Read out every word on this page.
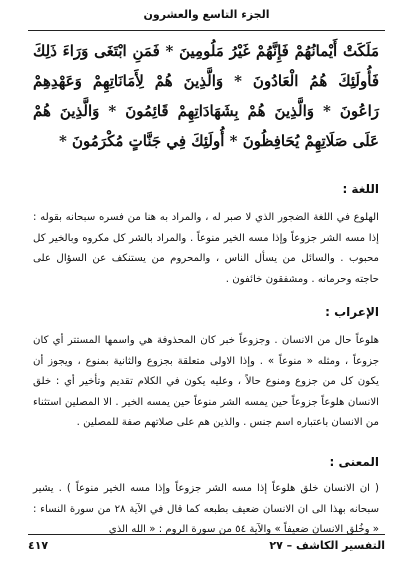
الجزء التاسع والعشرون
مَلَكَتْ أَيْمانُهُمْ فَإِنَّهُمْ غَيْرُ مَلُومِينَ * فَمَنِ ابْتَغَى وَرَاءَ ذَلِكَ فَأُولَئِكَ هُمُ الْعَادُونَ * وَالَّذِينَ هُمْ لِأَمَانَاتِهِمْ وَعَهْدِهِمْ رَاعُونَ * وَالَّذِينَ هُمْ بِشَهَادَاتِهِمْ قَائِمُونَ * وَالَّذِينَ هُمْ عَلَى صَلَاتِهِمْ يُحَافِظُونَ * أُولَئِكَ فِي جَنَّاتٍ مُكْرَمُونَ *

اللغة :

الهلوع في اللغة الضجور الذي لا صبر له ، والمراد به هنا من فسره سبحانه بقوله : إذا مسه الشر جزوعاً وإذا مسه الخير منوعاً . والمراد بالشر كل مكروه وبالخير كل محبوب . والسائل من يسأل الناس ، والمحروم من يستنكف عن السؤال على حاجته وحرمانه . ومشفقون خائفون .

الإعراب :

هلوعاً حال من الانسان . وجزوعاً خبر كان المحذوفة هي واسمها المستتر أي كان جزوعاً ، ومثله « منوعاً » . وإذا الاولى متعلقة بجزوع والثانية بمنوع ، ويجوز أن يكون كل من جزوع ومنوع حالاً ، وعليه يكون في الكلام تقديم وتأخير أي : خلق الانسان هلوعاً جزوعاً حين يمسه الشر منوعاً حين يمسه الخير . الا المصلين استثناء من الانسان باعتباره اسم جنس . والذين هم على صلاتهم صفة للمصلين .

المعنى :

( ان الانسان خلق هلوعاً إذا مسه الشر جزوعاً وإذا مسه الخير منوعاً ) . يشير سبحانه بهذا الى ان الانسان ضعيف بطبعه كما قال في الآية ٢٨ من سورة النساء : « وخُلق الانسان ضعيفاً » والآية ٥٤ من سورة الروم : « الله الذي

٤١٧	التفسير الكاشف – ٢٧
